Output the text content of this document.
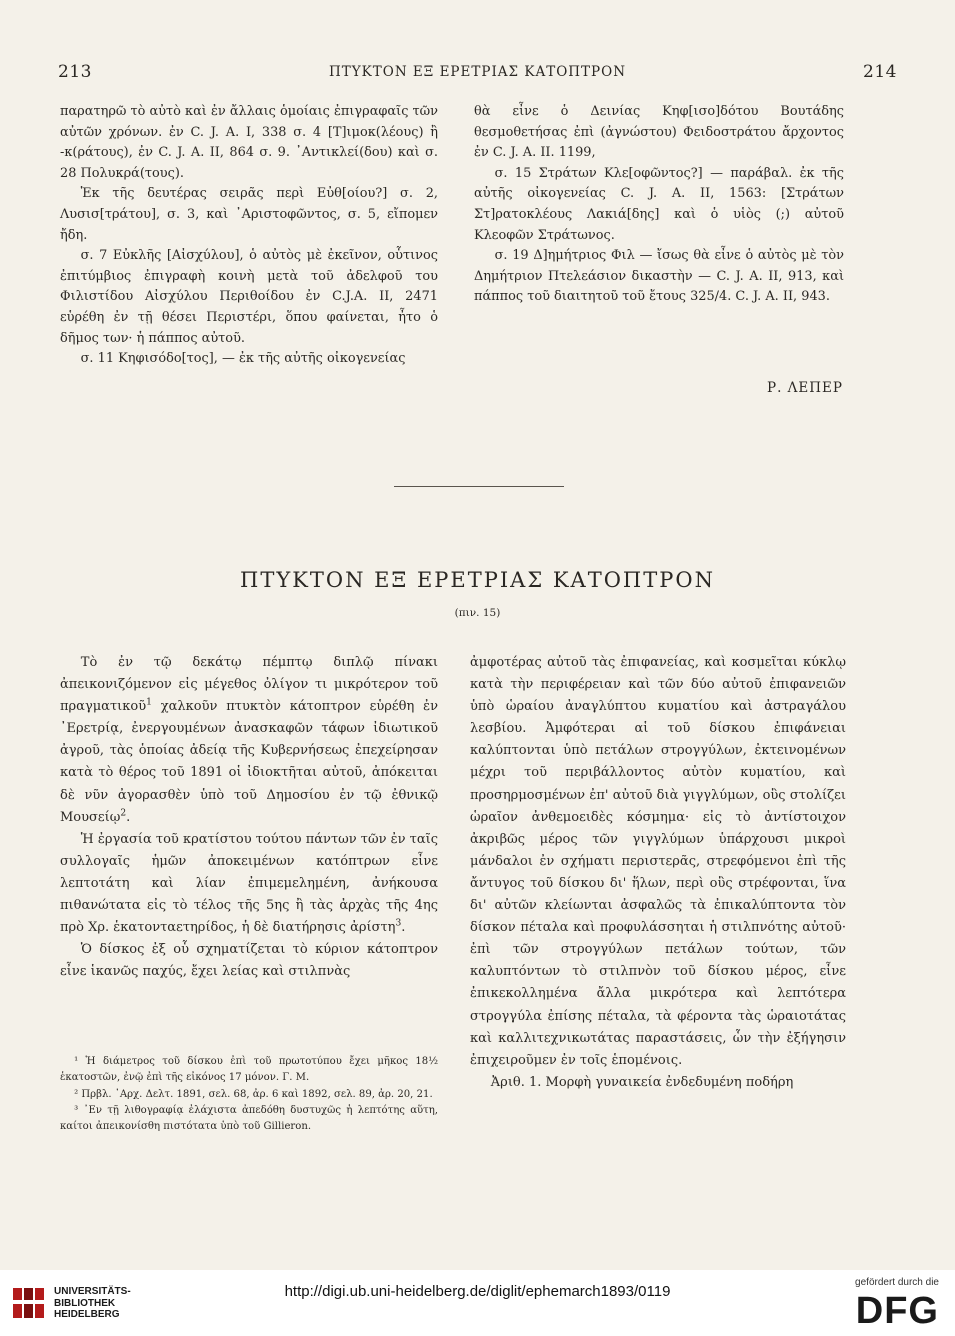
213	ΠΤΥΚΤΟΝ ΕΞ ΕΡΕΤΡΙΑΣ ΚΑΤΟΠΤΡΟΝ	214

παρατηρῶ τὸ αὐτὸ καὶ ἐν ἄλλαις ὁμοίαις ἐπιγραφαῖς τῶν αὐτῶν χρόνων. ἐν C. J. A. I, 338 σ. 4 [Τ]ιμοκ(λέους) ἢ -κ(ράτους), ἐν C. J. A. II, 864 σ. 9. ᾿Αντικλεί(δου) καὶ σ. 28 Πολυκρά(τους).

Ἐκ τῆς δευτέρας σειρᾶς περὶ Εὐθ[οίου?] σ. 2, Λυσισ[τράτου], σ. 3, καὶ ᾿Αριστοφῶντος, σ. 5, εἴπομεν ἤδη.

σ. 7 Εὐκλῆς [Αἰσχύλου], ὁ αὐτὸς μὲ ἐκεῖνον, οὗτινος ἐπιτύμβιος ἐπιγραφὴ κοινὴ μετὰ τοῦ ἀδελφοῦ του Φιλιστίδου Αἰσχύλου Περιθοίδου ἐν C.J.A. II, 2471 εὑρέθη ἐν τῇ θέσει Περιστέρι, ὅπου φαίνεται, ἦτο ὁ δῆμος των· ἡ πάππος αὐτοῦ.

σ. 11 Κηφισόδο[τος], — ἐκ τῆς αὐτῆς οἰκογενείας

θὰ εἶνε ὁ Δεινίας Κηφ[ισο]δότου Βουτάδης θεσμοθετήσας ἐπὶ (ἀγνώστου) Φειδοστράτου ἄρχοντος ἐν C. J. A. II. 1199,

σ. 15 Στράτων Κλε[οφῶντος?] — παράβαλ. ἐκ τῆς αὐτῆς οἰκογενείας C. J. A. II, 1563: [Στράτων Στ]ρατοκλέους Λακιά[δης] καὶ ὁ υἱὸς (;) αὐτοῦ Κλεοφῶν Στράτωνος.

σ. 19 Δ]ημήτριος Φιλ — ἴσως θὰ εἶνε ὁ αὐτὸς μὲ τὸν Δημήτριον Πτελεάσιον δικαστὴν — C. J. A. II, 913, καὶ πάππος τοῦ διαιτητοῦ τοῦ ἔτους 325/4. C. J. A. II, 943.

Ρ. ΛΕΠΕΡ
ΠΤΥΚΤΟΝ ΕΞ ΕΡΕΤΡΙΑΣ ΚΑΤΟΠΤΡΟΝ
(πιν. 15)

Τὸ ἐν τῷ δεκάτῳ πέμπτῳ διπλῷ πίνακι ἀπεικονιζόμενον εἰς μέγεθος ὀλίγον τι μικρότερον τοῦ πραγματικοῦ$^1$ χαλκοῦν πτυκτὸν κάτοπτρον εὑρέθη ἐν ᾿Ερετρίᾳ, ἐνεργουμένων ἀνασκαφῶν τάφων ἰδιωτικοῦ ἀγροῦ, τὰς ὁποίας ἀδείᾳ τῆς Κυβερνήσεως ἐπεχείρησαν κατὰ τὸ θέρος τοῦ 1891 οἱ ἰδιοκτῆται αὐτοῦ, ἀπόκειται δὲ νῦν ἀγορασθὲν ὑπὸ τοῦ Δημοσίου ἐν τῷ ἐθνικῷ Μουσείῳ$^2$.

Ἡ ἐργασία τοῦ κρατίστου τούτου πάντων τῶν ἐν ταῖς συλλογαῖς ἡμῶν ἀποκειμένων κατόπτρων εἶνε λεπτοτάτη καὶ λίαν ἐπιμεμελημένη, ἀνήκουσα πιθανώτατα εἰς τὸ τέλος τῆς 5ης ἢ τὰς ἀρχὰς τῆς 4ης πρὸ Χρ. ἑκατονταετηρίδος, ἡ δὲ διατήρησις ἀρίστη$^3$.

Ὁ δίσκος ἐξ οὗ σχηματίζεται τὸ κύριον κάτοπτρον εἶνε ἱκανῶς παχύς, ἔχει λείας καὶ στιλπνὰς

¹ Ἡ διάμετρος τοῦ δίσκου ἐπὶ τοῦ πρωτοτύπου ἔχει μῆκος 18½ ἑκατοστῶν, ἐνῷ ἐπὶ τῆς εἰκόνος 17 μόνον. Γ. Μ.

² Πρβλ. ᾿Αρχ. Δελτ. 1891, σελ. 68, ἀρ. 6 καὶ 1892, σελ. 89, ἀρ. 20, 21.

³ ᾿Εν τῇ λιθογραφίᾳ ἐλάχιστα ἀπεδόθη δυστυχῶς ἡ λεπτότης αὕτη, καίτοι ἀπεικονίσθη πιστότατα ὑπὸ τοῦ Gillieron.

ἀμφοτέρας αὐτοῦ τὰς ἐπιφανείας, καὶ κοσμεῖται κύκλῳ κατὰ τὴν περιφέρειαν καὶ τῶν δύο αὐτοῦ ἐπιφανειῶν ὑπὸ ὡραίου ἀναγλύπτου κυματίου καὶ ἀστραγάλου λεσβίου. Ἀμφότεραι αἱ τοῦ δίσκου ἐπιφάνειαι καλύπτονται ὑπὸ πετάλων στρογγύλων, ἐκτεινομένων μέχρι τοῦ περιβάλλοντος αὐτὸν κυματίου, καὶ προσηρμοσμένων ἐπ' αὐτοῦ διὰ γιγγλύμων, οὓς στολίζει ὡραῖον ἀνθεμοειδὲς κόσμημα· εἰς τὸ ἀντίστοιχον ἀκριβῶς μέρος τῶν γιγγλύμων ὑπάρχουσι μικροὶ μάνδαλοι ἐν σχήματι περιστερᾶς, στρεφόμενοι ἐπὶ τῆς ἄντυγος τοῦ δίσκου δι' ἥλων, περὶ οὓς στρέφονται, ἵνα δι' αὐτῶν κλείωνται ἀσφαλῶς τὰ ἐπικαλύπτοντα τὸν δίσκον πέταλα καὶ προφυλάσσηται ἡ στιλπνότης αὐτοῦ· ἐπὶ τῶν στρογγύλων πετάλων τούτων, τῶν καλυπτόντων τὸ στιλπνὸν τοῦ δίσκου μέρος, εἶνε ἐπικεκολλημένα ἄλλα μικρότερα καὶ λεπτότερα στρογγύλα ἐπίσης πέταλα, τὰ φέροντα τὰς ὡραιοτάτας καὶ καλλιτεχνικωτάτας παραστάσεις, ὧν τὴν ἐξήγησιν ἐπιχειροῦμεν ἐν τοῖς ἑπομένοις.

Ἀριθ. 1. Μορφὴ γυναικεία ἐνδεδυμένη ποδήρη

UNIVERSITÄTS-
BIBLIOTHEK
HEIDELBERG
http://digi.ub.uni-heidelberg.de/diglit/ephemarch1893/0119
gefördert durch die
DFG
